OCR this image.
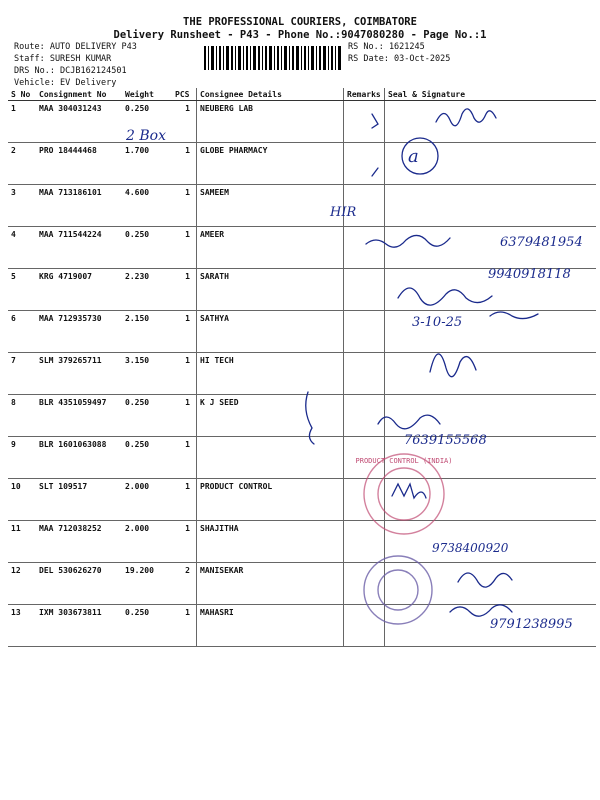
THE PROFESSIONAL COURIERS, COIMBATORE
Delivery Runsheet - P43 - Phone No.:9047080280 - Page No.:1
Route: AUTO DELIVERY P43
Staff: SURESH KUMAR
DRS No.: DCJB162124501
Vehicle: EV Delivery
RS No.: 1621245
RS Date: 03-Oct-2025
S No	Consignment No	Weight	PCS	Consignee Details	Remarks	Seal & Signature
1	MAA 304031243	0.250	1	NEUBERG LAB		
2	PRO 18444468	1.700	1	GLOBE PHARMACY		
3	MAA 713186101	4.600	1	SAMEEM		
4	MAA 711544224	0.250	1	AMEER		
5	KRG 4719007	2.230	1	SARATH		
6	MAA 712935730	2.150	1	SATHYA		
7	SLM 379265711	3.150	1	HI TECH		
8	BLR 4351059497	0.250	1	K J SEED		
9	BLR 1601063088	0.250	1			
10	SLT 109517	2.000	1	PRODUCT CONTROL		
11	MAA 712038252	2.000	1	SHAJITHA		
12	DEL 530626270	19.200	2	MANISEKAR		
13	IXM 303673811	0.250	1	MAHASRI		
2 Box
a
HIR
6379481954
9940918118
3-10-25
7639155568
PRODUCT CONTROL (INDIA)
9738400920
9791238995
